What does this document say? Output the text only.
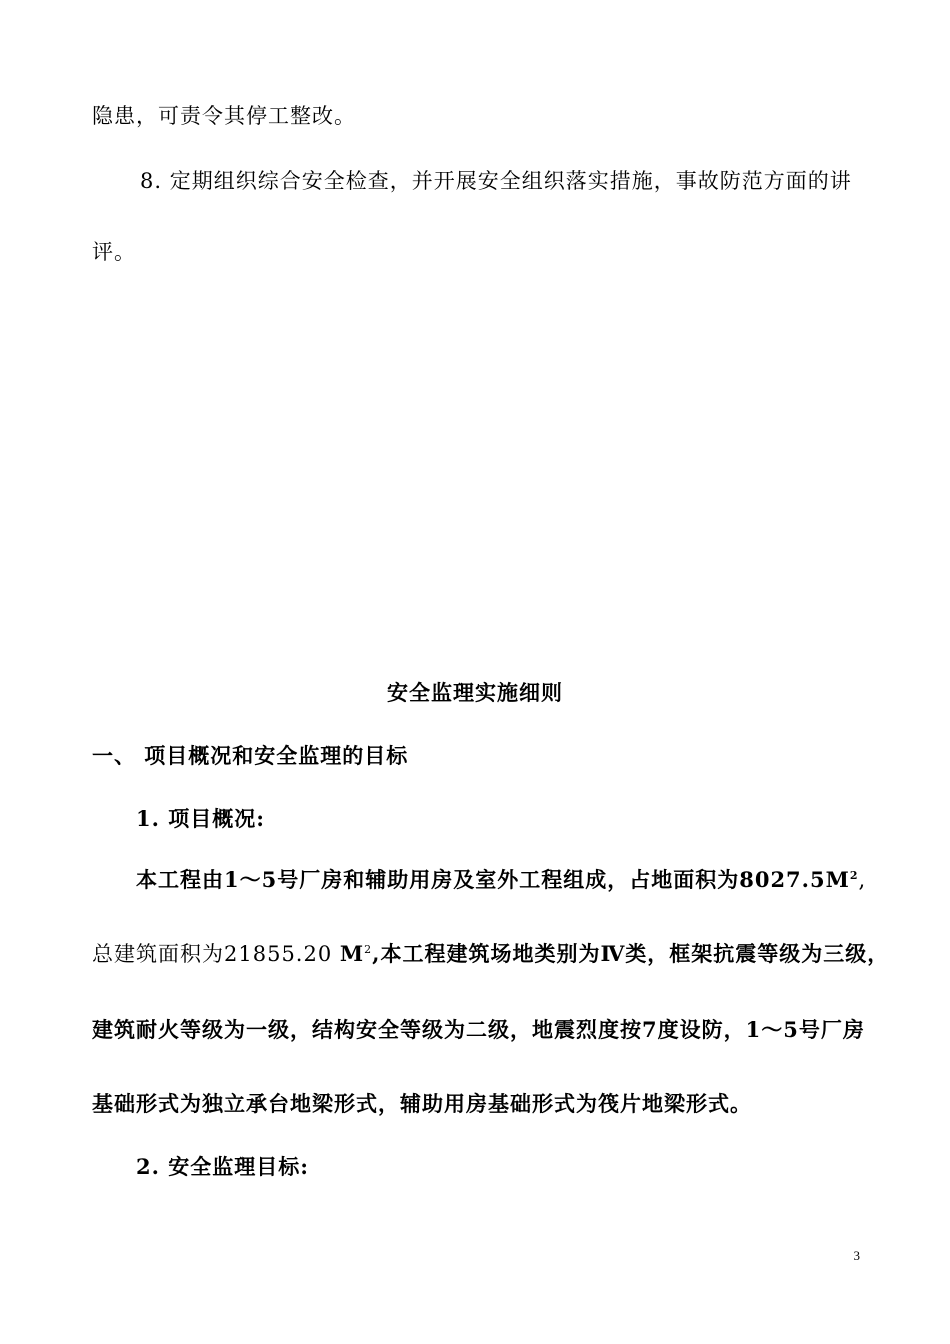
隐患，可责令其停工整改。
8. 定期组织综合安全检查，并开展安全组织落实措施，事故防范方面的讲
评。
安全监理实施细则
一、 项目概况和安全监理的目标
1. 项目概况:
本工程由1～5号厂房和辅助用房及室外工程组成，占地面积为$8027.5M^2$,
总建筑面积为21855.20 $M^2$,本工程建筑场地类别为Ⅳ类，框架抗震等级为三级，
建筑耐火等级为一级，结构安全等级为二级，地震烈度按7度设防，1～5号厂房
基础形式为独立承台地梁形式，辅助用房基础形式为筏片地梁形式。
2. 安全监理目标:
3
